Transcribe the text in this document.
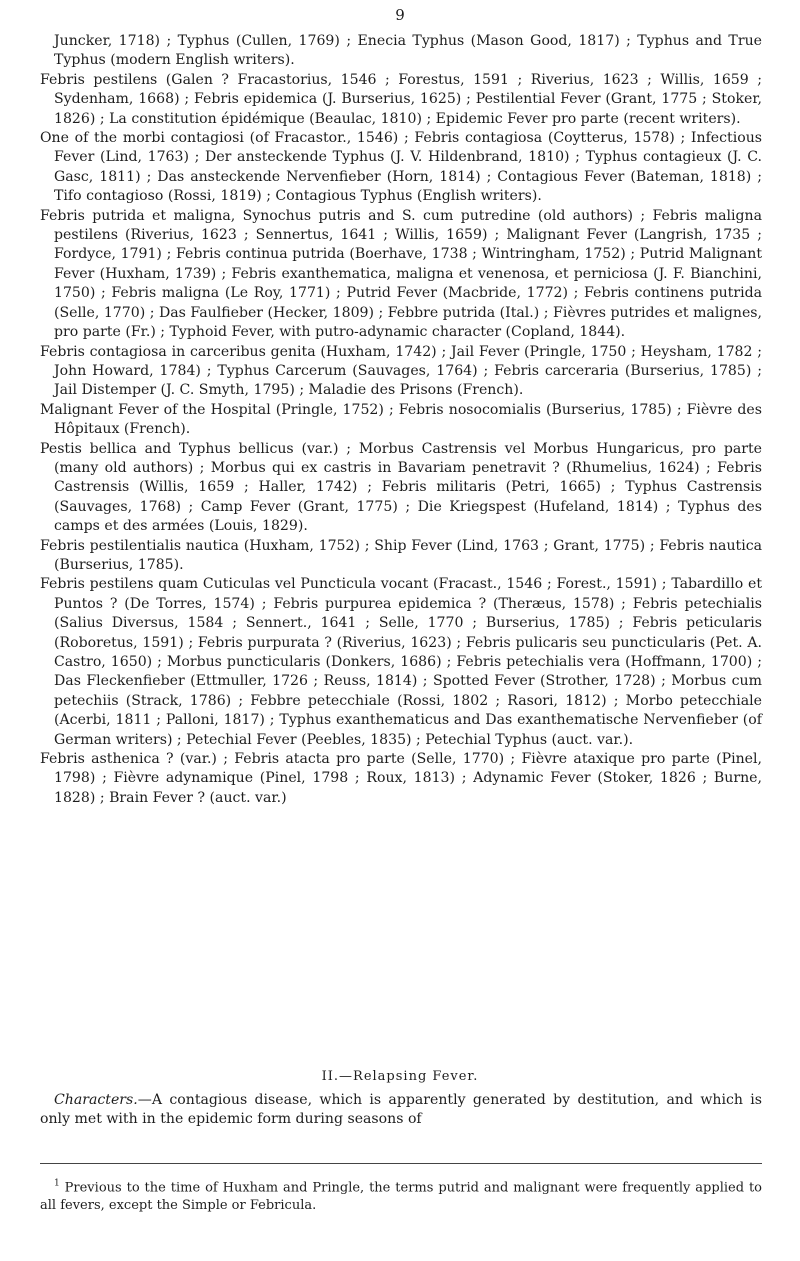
9

Juncker, 1718) ; Typhus (Cullen, 1769) ; Enecia Typhus (Mason Good, 1817) ; Typhus and True Typhus (modern English writers).

Febris pestilens (Galen ? Fracastorius, 1546 ; Forestus, 1591 ; Riverius, 1623 ; Willis, 1659 ; Sydenham, 1668) ; Febris epidemica (J. Burserius, 1625) ; Pestilential Fever (Grant, 1775 ; Stoker, 1826) ; La constitution épidémique (Beaulac, 1810) ; Epidemic Fever pro parte (recent writers).

One of the morbi contagiosi (of Fracastor., 1546) ; Febris contagiosa (Coytterus, 1578) ; Infectious Fever (Lind, 1763) ; Der ansteckende Typhus (J. V. Hildenbrand, 1810) ; Typhus contagieux (J. C. Gasc, 1811) ; Das ansteckende Nervenfieber (Horn, 1814) ; Contagious Fever (Bateman, 1818) ; Tifo contagioso (Rossi, 1819) ; Contagious Typhus (English writers).

Febris putrida et maligna, Synochus putris and S. cum putredine (old authors) ; Febris maligna pestilens (Riverius, 1623 ; Sennertus, 1641 ; Willis, 1659) ; Malignant Fever (Langrish, 1735 ; Fordyce, 1791) ; Febris continua putrida (Boerhave, 1738 ; Wintringham, 1752) ; Putrid Malignant Fever (Huxham, 1739) ; Febris exanthematica, maligna et venenosa, et perniciosa (J. F. Bianchini, 1750) ; Febris maligna (Le Roy, 1771) ; Putrid Fever (Macbride, 1772) ; Febris continens putrida (Selle, 1770) ; Das Faulfieber (Hecker, 1809) ; Febbre putrida (Ital.) ; Fièvres putrides et malignes, pro parte (Fr.) ; Typhoid Fever, with putro-adynamic character (Copland, 1844).

Febris contagiosa in carceribus genita (Huxham, 1742) ; Jail Fever (Pringle, 1750 ; Heysham, 1782 ; John Howard, 1784) ; Typhus Carcerum (Sauvages, 1764) ; Febris carceraria (Burserius, 1785) ; Jail Distemper (J. C. Smyth, 1795) ; Maladie des Prisons (French).

Malignant Fever of the Hospital (Pringle, 1752) ; Febris nosocomialis (Burserius, 1785) ; Fièvre des Hôpitaux (French).

Pestis bellica and Typhus bellicus (var.) ; Morbus Castrensis vel Morbus Hungaricus, pro parte (many old authors) ; Morbus qui ex castris in Bavariam penetravit ? (Rhumelius, 1624) ; Febris Castrensis (Willis, 1659 ; Haller, 1742) ; Febris militaris (Petri, 1665) ; Typhus Castrensis (Sauvages, 1768) ; Camp Fever (Grant, 1775) ; Die Kriegspest (Hufeland, 1814) ; Typhus des camps et des armées (Louis, 1829).

Febris pestilentialis nautica (Huxham, 1752) ; Ship Fever (Lind, 1763 ; Grant, 1775) ; Febris nautica (Burserius, 1785).

Febris pestilens quam Cuticulas vel Puncticula vocant (Fracast., 1546 ; Forest., 1591) ; Tabardillo et Puntos ? (De Torres, 1574) ; Febris purpurea epidemica ? (Theræus, 1578) ; Febris petechialis (Salius Diversus, 1584 ; Sennert., 1641 ; Selle, 1770 ; Burserius, 1785) ; Febris peticularis (Roboretus, 1591) ; Febris purpurata ? (Riverius, 1623) ; Febris pulicaris seu puncticularis (Pet. A. Castro, 1650) ; Morbus puncticularis (Donkers, 1686) ; Febris petechialis vera (Hoffmann, 1700) ; Das Fleckenfieber (Ettmuller, 1726 ; Reuss, 1814) ; Spotted Fever (Strother, 1728) ; Morbus cum petechiis (Strack, 1786) ; Febbre petecchiale (Rossi, 1802 ; Rasori, 1812) ; Morbo petecchiale (Acerbi, 1811 ; Palloni, 1817) ; Typhus exanthematicus and Das exanthematische Nervenfieber (of German writers) ; Petechial Fever (Peebles, 1835) ; Petechial Typhus (auct. var.).

Febris asthenica ? (var.) ; Febris atacta pro parte (Selle, 1770) ; Fièvre ataxique pro parte (Pinel, 1798) ; Fièvre adynamique (Pinel, 1798 ; Roux, 1813) ; Adynamic Fever (Stoker, 1826 ; Burne, 1828) ; Brain Fever ? (auct. var.)

II.—Relapsing Fever.
Characters.—A contagious disease, which is apparently generated by destitution, and which is only met with in the epidemic form during seasons of
$^1$ Previous to the time of Huxham and Pringle, the terms putrid and malignant were frequently applied to all fevers, except the Simple or Febricula.
